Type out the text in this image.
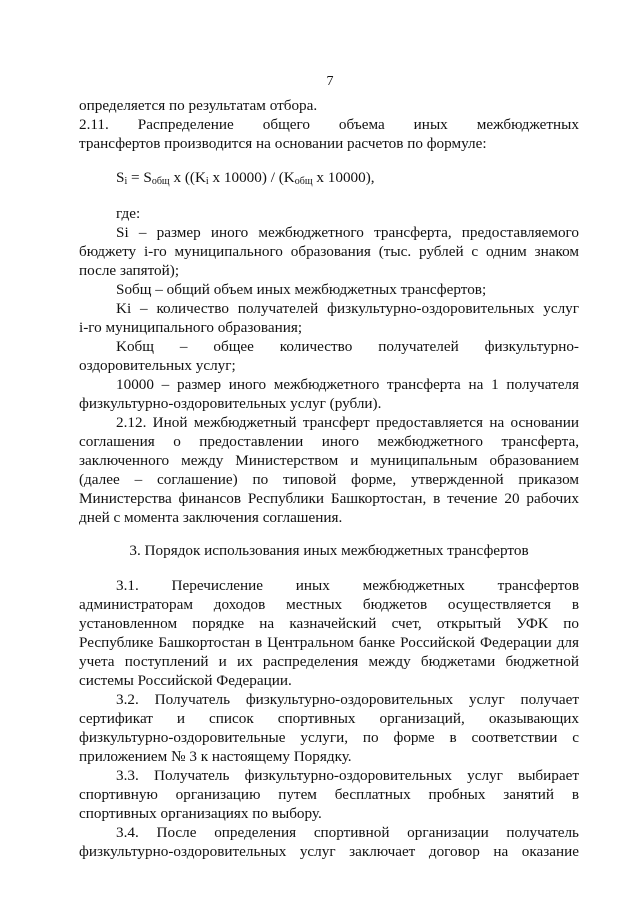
7
определяется по результатам отбора.
2.11. Распределение общего объема иных межбюджетных
трансфертов производится на основании расчетов по формуле:
$S_i = S_{общ}$ х (($K_i$ х $10000) / (K_{общ}$ х 10000),
где:
Si – размер иного межбюджетного трансферта, предоставляемого
бюджету i-го муниципального образования (тыс. рублей с одним знаком
после запятой);
Sобщ – общий объем иных межбюджетных трансфертов;
Ki – количество получателей физкультурно-оздоровительных услуг
i-го муниципального образования;
Kобщ – общее количество получателей физкультурно-
оздоровительных услуг;
10000 – размер иного межбюджетного трансферта на 1 получателя
физкультурно-оздоровительных услуг (рубли).
2.12. Иной межбюджетный трансферт предоставляется на основании
соглашения о предоставлении иного межбюджетного трансферта,
заключенного между Министерством и муниципальным образованием
(далее – соглашение) по типовой форме, утвержденной приказом
Министерства финансов Республики Башкортостан, в течение 20 рабочих
дней с момента заключения соглашения.
3. Порядок использования иных межбюджетных трансфертов
3.1. Перечисление иных межбюджетных трансфертов
администраторам доходов местных бюджетов осуществляется в
установленном порядке на казначейский счет, открытый УФК по
Республике Башкортостан в Центральном банке Российской Федерации для
учета поступлений и их распределения между бюджетами бюджетной
системы Российской Федерации.
3.2. Получатель физкультурно-оздоровительных услуг получает
сертификат и список спортивных организаций, оказывающих
физкультурно-оздоровительные услуги, по форме в соответствии с
приложением № 3 к настоящему Порядку.
3.3. Получатель физкультурно-оздоровительных услуг выбирает
спортивную организацию путем бесплатных пробных занятий в
спортивных организациях по выбору.
3.4. После определения спортивной организации получатель
физкультурно-оздоровительных услуг заключает договор на оказание
